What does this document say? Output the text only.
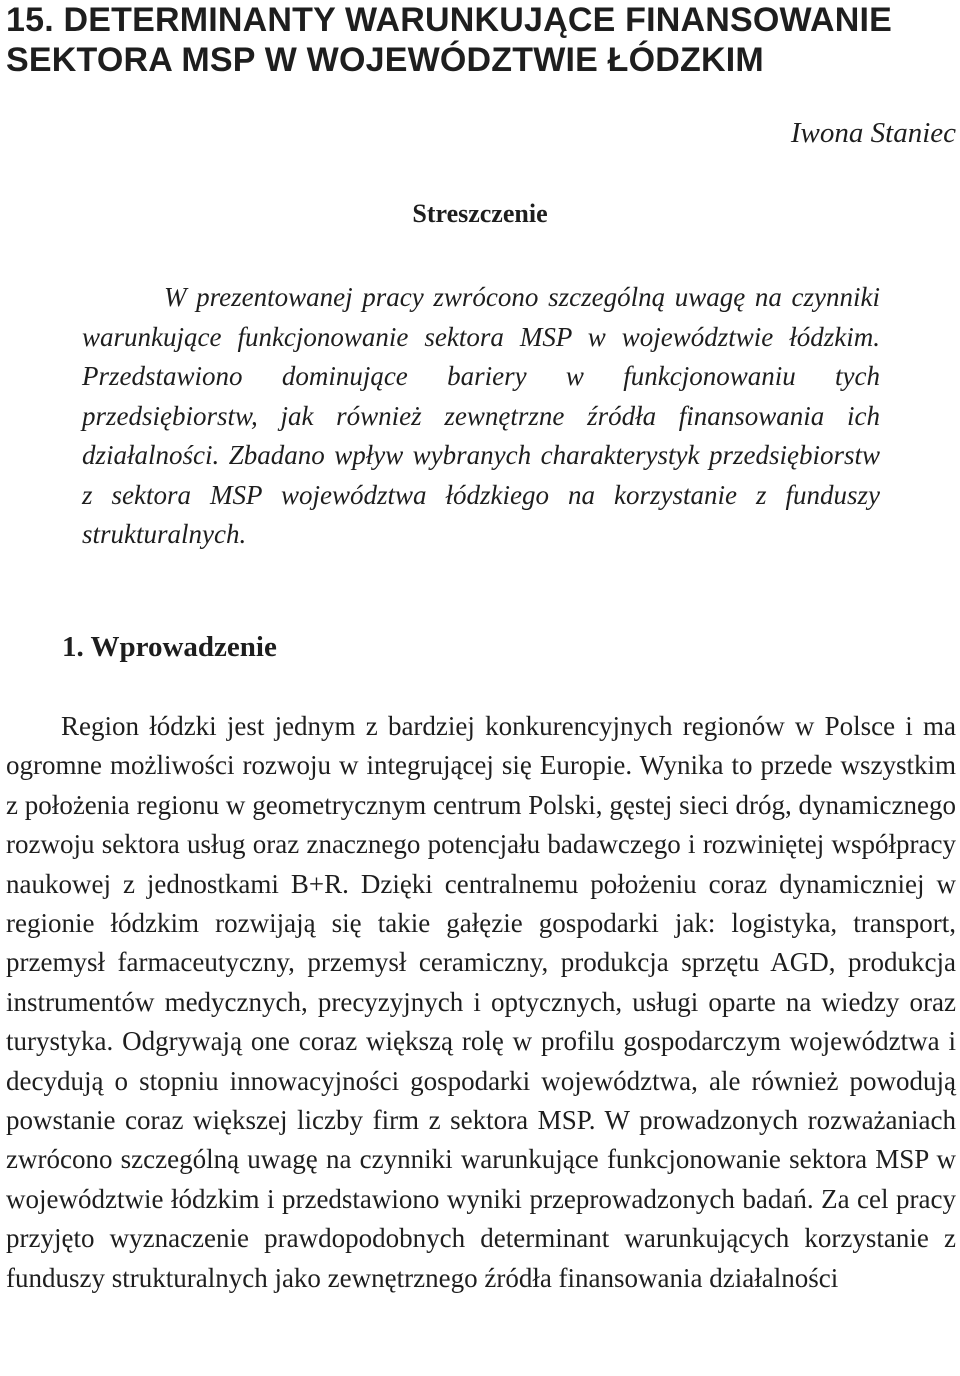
15. DETERMINANTY WARUNKUJĄCE FINANSOWANIE SEKTORA MSP W WOJEWÓDZTWIE ŁÓDZKIM

Iwona Staniec

Streszczenie

W prezentowanej pracy zwrócono szczególną uwagę na czynniki warunkujące funkcjonowanie sektora MSP w województwie łódzkim. Przedstawiono dominujące bariery w funkcjonowaniu tych przedsiębiorstw, jak również zewnętrzne źródła finansowania ich działalności. Zbadano wpływ wybranych charakterystyk przedsiębiorstw z sektora MSP województwa łódzkiego na korzystanie z funduszy strukturalnych.

1. Wprowadzenie

Region łódzki jest jednym z bardziej konkurencyjnych regionów w Polsce i ma ogromne możliwości rozwoju w integrującej się Europie. Wynika to przede wszystkim z położenia regionu w geometrycznym centrum Polski, gęstej sieci dróg, dynamicznego rozwoju sektora usług oraz znacznego potencjału badawczego i rozwiniętej współpracy naukowej z jednostkami B+R. Dzięki centralnemu położeniu coraz dynamiczniej w regionie łódzkim rozwijają się takie gałęzie gospodarki jak: logistyka, transport, przemysł farmaceutyczny, przemysł ceramiczny, produkcja sprzętu AGD, produkcja instrumentów medycznych, precyzyjnych i optycznych, usługi oparte na wiedzy oraz turystyka. Odgrywają one coraz większą rolę w profilu gospodarczym województwa i decydują o stopniu innowacyjności gospodarki województwa, ale również powodują powstanie coraz większej liczby firm z sektora MSP. W prowadzonych rozważaniach zwrócono szczególną uwagę na czynniki warunkujące funkcjonowanie sektora MSP w województwie łódzkim i przedstawiono wyniki przeprowadzonych badań. Za cel pracy przyjęto wyznaczenie prawdopodobnych determinant warunkujących korzystanie z funduszy strukturalnych jako zewnętrznego źródła finansowania działalności
